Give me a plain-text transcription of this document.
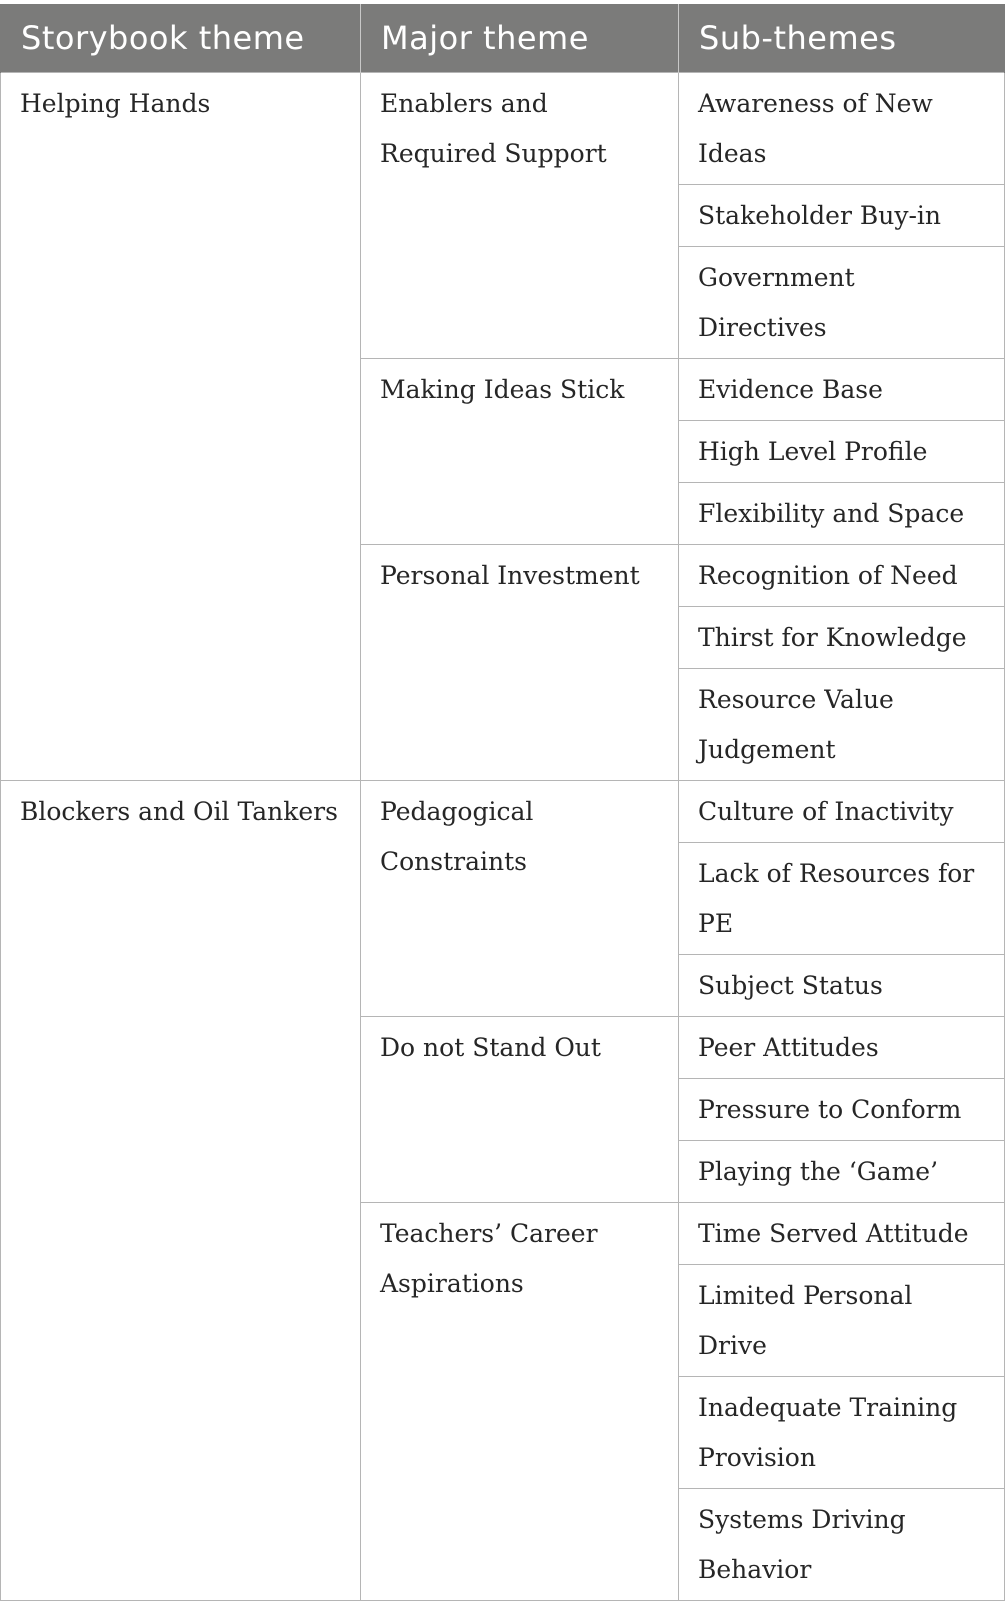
Storybook theme	Major theme	Sub-themes
Helping Hands	Enablers and Required Support	Awareness of New Ideas
		Stakeholder Buy-in
		Government Directives
	Making Ideas Stick	Evidence Base
		High Level Profile
		Flexibility and Space
	Personal Investment	Recognition of Need
		Thirst for Knowledge
		Resource Value Judgement
Blockers and Oil Tankers	Pedagogical Constraints	Culture of Inactivity
		Lack of Resources for PE
		Subject Status
	Do not Stand Out	Peer Attitudes
		Pressure to Conform
		Playing the ‘Game’
	Teachers’ Career Aspirations	Time Served Attitude
		Limited Personal Drive
		Inadequate Training Provision
		Systems Driving Behavior
